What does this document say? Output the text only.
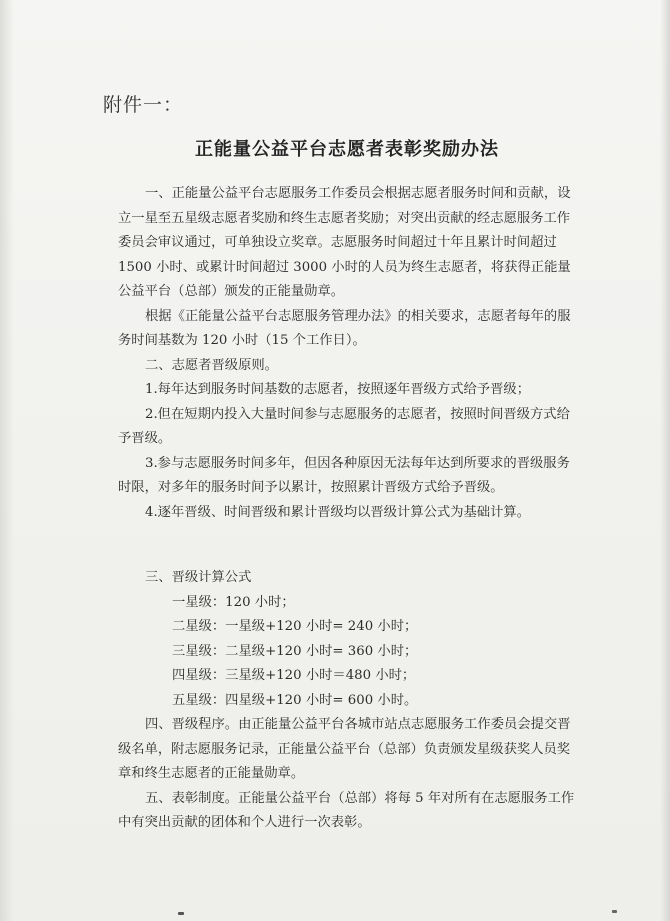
附件一：
正能量公益平台志愿者表彰奖励办法

一、正能量公益平台志愿服务工作委员会根据志愿者服务时间和贡献，设立一星至五星级志愿者奖励和终生志愿者奖励；对突出贡献的经志愿服务工作委员会审议通过，可单独设立奖章。志愿服务时间超过十年且累计时间超过 1500 小时、或累计时间超过 3000 小时的人员为终生志愿者，将获得正能量公益平台（总部）颁发的正能量勋章。

根据《正能量公益平台志愿服务管理办法》的相关要求，志愿者每年的服务时间基数为 120 小时（15 个工作日）。

二、志愿者晋级原则。

1.每年达到服务时间基数的志愿者，按照逐年晋级方式给予晋级；

2.但在短期内投入大量时间参与志愿服务的志愿者，按照时间晋级方式给予晋级。

3.参与志愿服务时间多年，但因各种原因无法每年达到所要求的晋级服务时限，对多年的服务时间予以累计，按照累计晋级方式给予晋级。

4.逐年晋级、时间晋级和累计晋级均以晋级计算公式为基础计算。

三、晋级计算公式

一星级：120 小时；

二星级：一星级+120 小时= 240 小时；

三星级：二星级+120 小时= 360 小时；

四星级：三星级+120 小时＝480 小时；

五星级：四星级+120 小时= 600 小时。

四、晋级程序。由正能量公益平台各城市站点志愿服务工作委员会提交晋级名单，附志愿服务记录，正能量公益平台（总部）负责颁发星级获奖人员奖章和终生志愿者的正能量勋章。

五、表彰制度。正能量公益平台（总部）将每 5 年对所有在志愿服务工作中有突出贡献的团体和个人进行一次表彰。
